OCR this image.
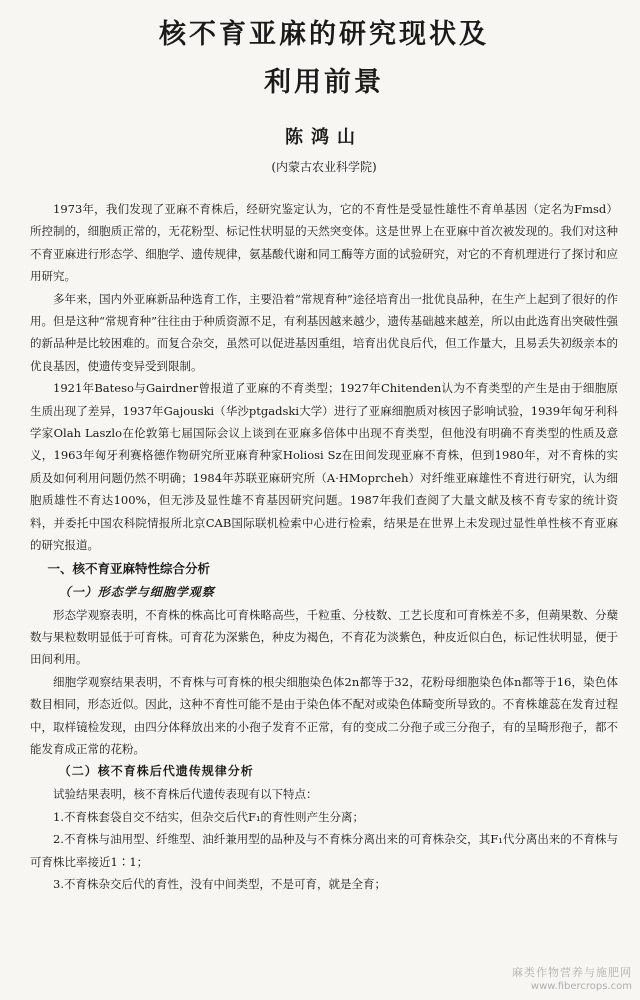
核不育亚麻的研究现状及
利用前景
陈鸿山
(内蒙古农业科学院)

1973年，我们发现了亚麻不育株后，经研究鉴定认为，它的不育性是受显性雄性不育单基因（定名为Fmsd）所控制的，细胞质正常的，无花粉型、标记性状明显的天然突变体。这是世界上在亚麻中首次被发现的。我们对这种不育亚麻进行形态学、细胞学、遗传规律，氨基酸代谢和同工酶等方面的试验研究，对它的不育机理进行了探讨和应用研究。

多年来，国内外亚麻新品种选育工作，主要沿着“常规育种”途径培育出一批优良品种，在生产上起到了很好的作用。但是这种“常规育种”往往由于种质资源不足，有利基因越来越少，遗传基础越来越差，所以由此选育出突破性强的新品种是比较困难的。而复合杂交，虽然可以促进基因重组，培育出优良后代，但工作量大，且易丢失初级亲本的优良基因，使遗传变异受到限制。

1921年Bateso与Gairdner曾报道了亚麻的不育类型；1927年Chitenden认为不育类型的产生是由于细胞原生质出现了差异，1937年Gajouski（华沙ptgadski大学）进行了亚麻细胞质对核因子影响试验，1939年匈牙利科学家Olah Laszlo在伦敦第七届国际会议上谈到在亚麻多倍体中出现不育类型，但他没有明确不育类型的性质及意义，1963年匈牙利赛格德作物研究所亚麻育种家Holiosi Sz在田间发现亚麻不育株，但到1980年，对不育株的实质及如何利用问题仍然不明确；1984年苏联亚麻研究所（A·HMoprcheh）对纤维亚麻雄性不育进行研究，认为细胞质雄性不育达100%，但无涉及显性雄不育基因研究问题。1987年我们查阅了大量文献及核不育专家的统计资料，并委托中国农科院情报所北京CAB国际联机检索中心进行检索，结果是在世界上未发现过显性单性核不育亚麻的研究报道。

一、核不育亚麻特性综合分析

（一）形态学与细胞学观察

形态学观察表明，不育株的株高比可育株略高些，千粒重、分枝数、工艺长度和可育株差不多，但蒴果数、分蘖数与果粒数明显低于可育株。可育花为深紫色，种皮为褐色，不育花为淡紫色，种皮近似白色，标记性状明显，便于田间利用。

细胞学观察结果表明，不育株与可育株的根尖细胞染色体2n都等于32，花粉母细胞染色体n都等于16，染色体数目相同，形态近似。因此，这种不育性可能不是由于染色体不配对或染色体畸变所导致的。不育株雄蕊在发育过程中，取样镜检发现，由四分体释放出来的小孢子发育不正常，有的变成二分孢子或三分孢子，有的呈畸形孢子，都不能发育成正常的花粉。

（二）核不育株后代遗传规律分析

试验结果表明，核不育株后代遗传表现有以下特点：

1.不育株套袋自交不结实，但杂交后代F₁的育性则产生分离；

2.不育株与油用型、纤维型、油纤兼用型的品种及与不育株分离出来的可育株杂交，其F₁代分离出来的不育株与可育株比率接近1∶1；

3.不育株杂交后代的育性，没有中间类型，不是可育，就是全育；

麻类作物营养与施肥网
www.fibercrops.com
